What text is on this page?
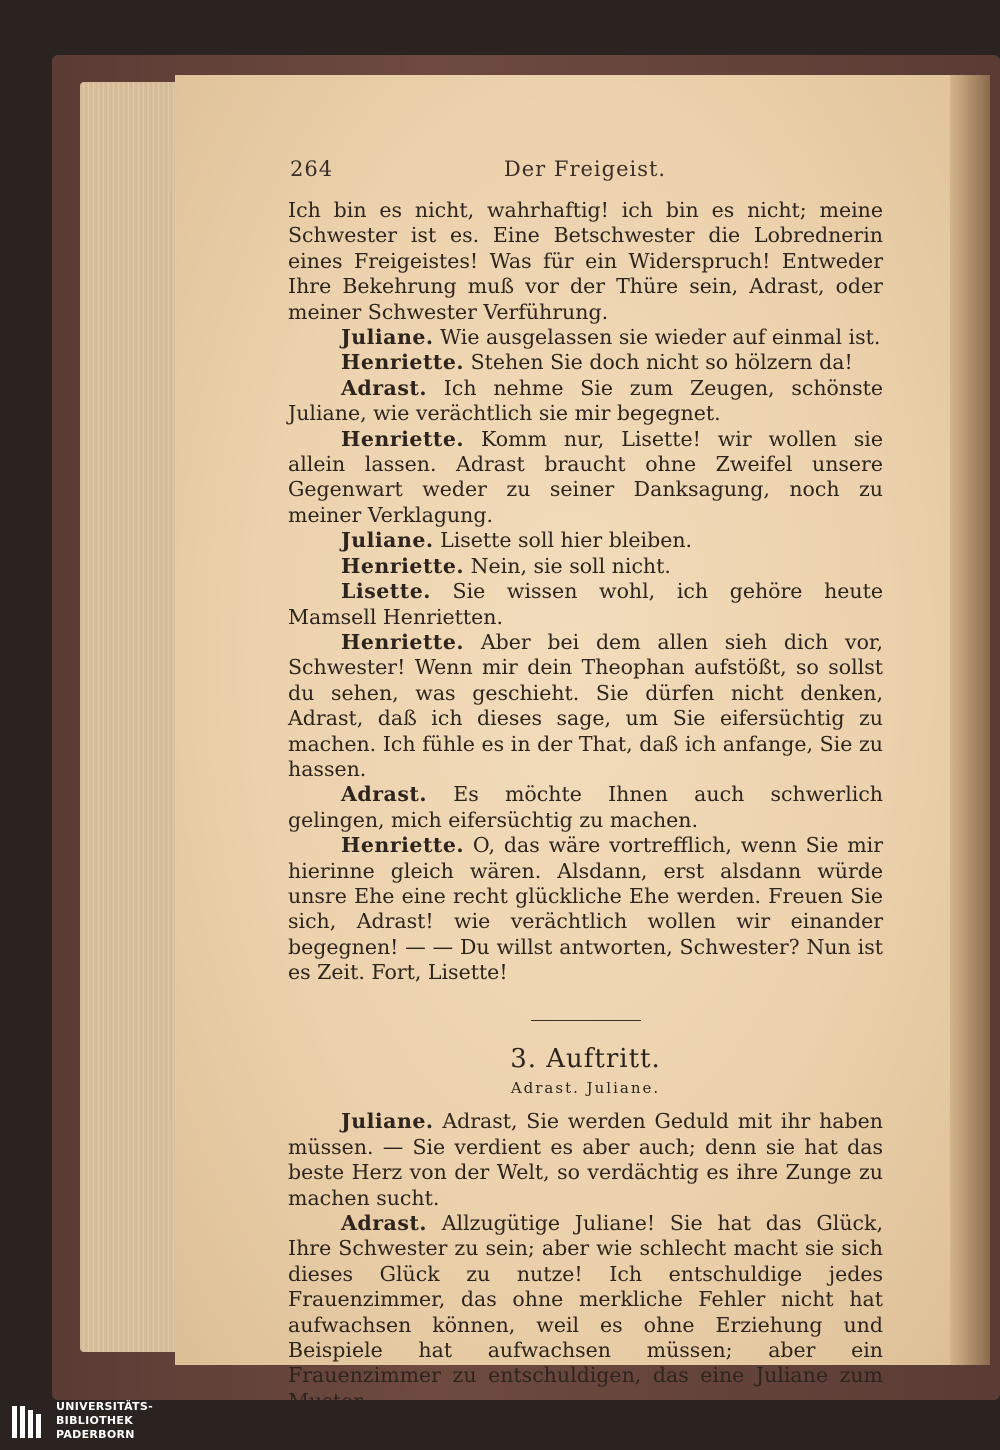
264	Der Freigeist.

Ich bin es nicht, wahrhaftig! ich bin es nicht; meine Schwester ist es. Eine Betschwester die Lobrednerin eines Freigeistes! Was für ein Widerspruch! Entweder Ihre Bekehrung muß vor der Thüre sein, Adrast, oder meiner Schwester Verführung.

Juliane. Wie ausgelassen sie wieder auf einmal ist.

Henriette. Stehen Sie doch nicht so hölzern da!

Adrast. Ich nehme Sie zum Zeugen, schönste Juliane, wie verächtlich sie mir begegnet.

Henriette. Komm nur, Lisette! wir wollen sie allein lassen. Adrast braucht ohne Zweifel unsere Gegenwart weder zu seiner Danksagung, noch zu meiner Verklagung.

Juliane. Lisette soll hier bleiben.

Henriette. Nein, sie soll nicht.

Lisette. Sie wissen wohl, ich gehöre heute Mamsell Henrietten.

Henriette. Aber bei dem allen sieh dich vor, Schwester! Wenn mir dein Theophan aufstößt, so sollst du sehen, was geschieht. Sie dürfen nicht denken, Adrast, daß ich dieses sage, um Sie eifersüchtig zu machen. Ich fühle es in der That, daß ich anfange, Sie zu hassen.

Adrast. Es möchte Ihnen auch schwerlich gelingen, mich eifersüchtig zu machen.

Henriette. O, das wäre vortrefflich, wenn Sie mir hierinne gleich wären. Alsdann, erst alsdann würde unsre Ehe eine recht glückliche Ehe werden. Freuen Sie sich, Adrast! wie verächtlich wollen wir einander begegnen! — — Du willst antworten, Schwester? Nun ist es Zeit. Fort, Lisette!

3. Auftritt.
Adrast. Juliane.

Juliane. Adrast, Sie werden Geduld mit ihr haben müssen. — Sie verdient es aber auch; denn sie hat das beste Herz von der Welt, so verdächtig es ihre Zunge zu machen sucht.

Adrast. Allzugütige Juliane! Sie hat das Glück, Ihre Schwester zu sein; aber wie schlecht macht sie sich dieses Glück zu nutze! Ich entschuldige jedes Frauenzimmer, das ohne merkliche Fehler nicht hat aufwachsen können, weil es ohne Erziehung und Beispiele hat aufwachsen müssen; aber ein Frauenzimmer zu entschuldigen, das eine Juliane zum Muster

UNIVERSITÄTS-
BIBLIOTHEK
PADERBORN
